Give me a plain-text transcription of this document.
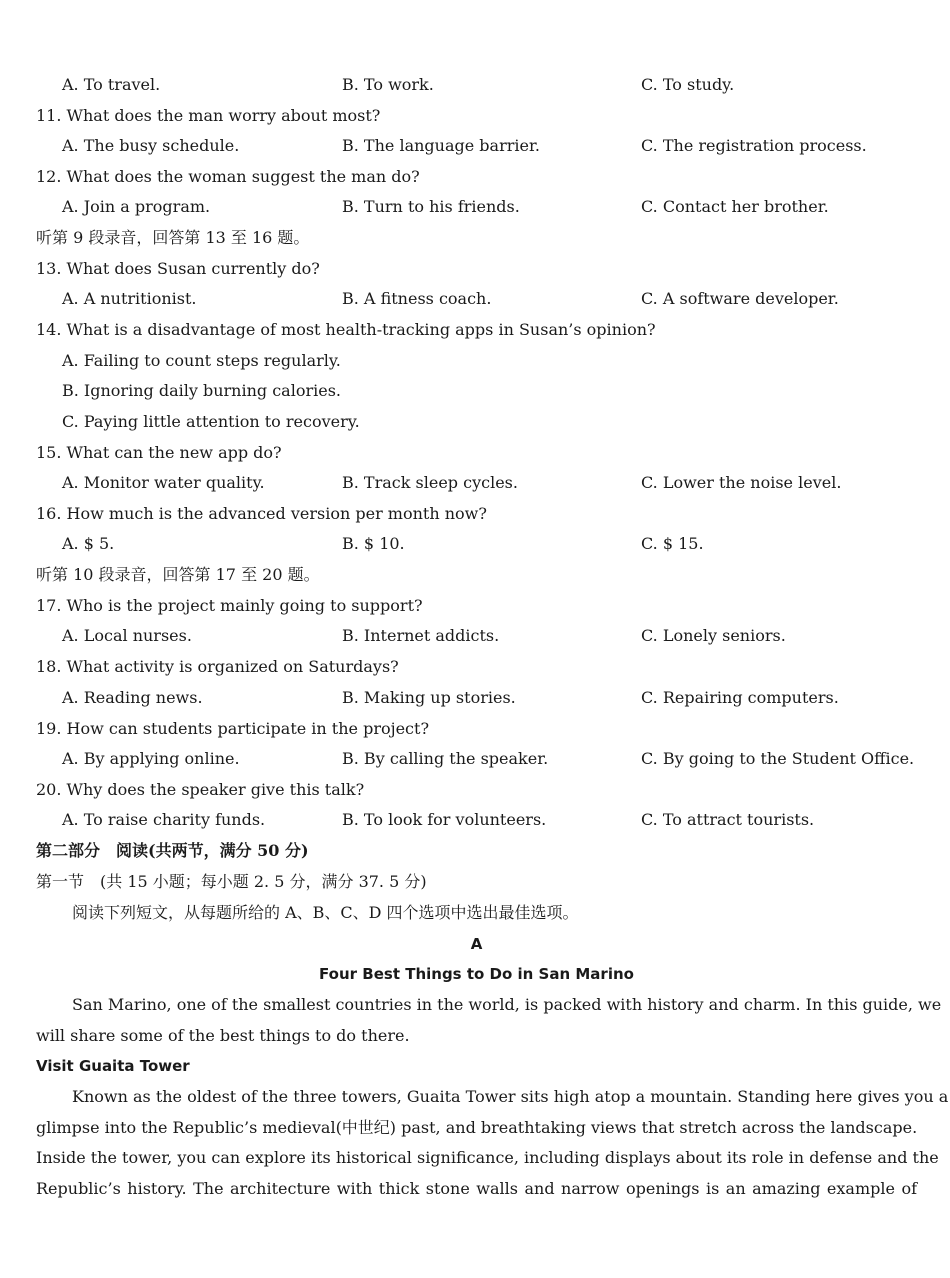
A. To travel.	B. To work.	C. To study.
11. What does the man worry about most?
A. The busy schedule.	B. The language barrier.	C. The registration process.
12. What does the woman suggest the man do?
A. Join a program.	B. Turn to his friends.	C. Contact her brother.
听第 9 段录音，回答第 13 至 16 题。
13. What does Susan currently do?
A. A nutritionist.	B. A fitness coach.	C. A software developer.
14. What is a disadvantage of most health-tracking apps in Susan’s opinion?
A. Failing to count steps regularly.
B. Ignoring daily burning calories.
C. Paying little attention to recovery.
15. What can the new app do?
A. Monitor water quality.	B. Track sleep cycles.	C. Lower the noise level.
16. How much is the advanced version per month now?
A. $ 5.	B. $ 10.	C. $ 15.
听第 10 段录音，回答第 17 至 20 题。
17. Who is the project mainly going to support?
A. Local nurses.	B. Internet addicts.	C. Lonely seniors.
18. What activity is organized on Saturdays?
A. Reading news.	B. Making up stories.	C. Repairing computers.
19. How can students participate in the project?
A. By applying online.	B. By calling the speaker.	C. By going to the Student Office.
20. Why does the speaker give this talk?
A. To raise charity funds.	B. To look for volunteers.	C. To attract tourists.
第二部分　阅读(共两节，满分 50 分)
第一节　(共 15 小题；每小题 2. 5 分，满分 37. 5 分)
阅读下列短文，从每题所给的 A、B、C、D 四个选项中选出最佳选项。
A
Four Best Things to Do in San Marino
San Marino, one of the smallest countries in the world, is packed with history and charm. In this guide, we
will share some of the best things to do there.
Visit Guaita Tower
Known as the oldest of the three towers, Guaita Tower sits high atop a mountain. Standing here gives you a
glimpse into the Republic’s medieval(中世纪) past, and breathtaking views that stretch across the landscape.
Inside the tower, you can explore its historical significance, including displays about its role in defense and the
Republic’s history. The architecture with thick stone walls and narrow openings is an amazing example of
